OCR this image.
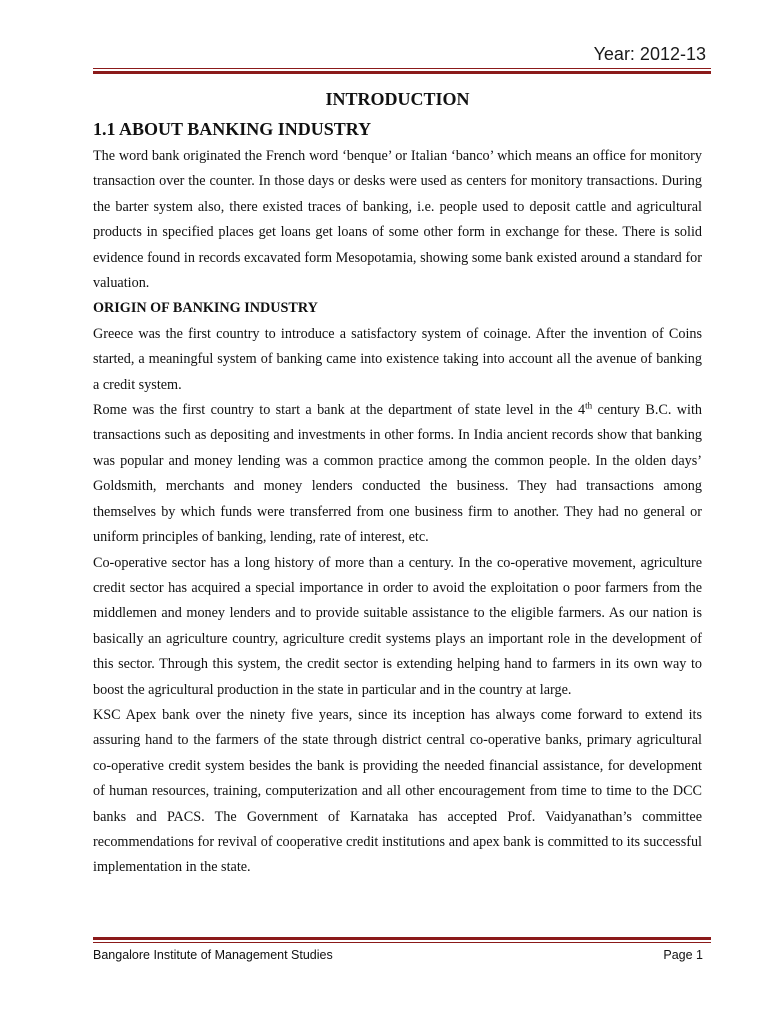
Year: 2012-13
INTRODUCTION
1.1 ABOUT BANKING INDUSTRY

The word bank originated the French word ‘benque’ or Italian ‘banco’ which means an office for monitory transaction over the counter. In those days or desks were used as centers for monitory transactions. During the barter system also, there existed traces of banking, i.e. people used to deposit cattle and agricultural products in specified places get loans get loans of some other form in exchange for these. There is solid evidence found in records excavated form Mesopotamia, showing some bank existed around a standard for valuation.

ORIGIN OF BANKING INDUSTRY

Greece was the first country to introduce a satisfactory system of coinage. After the invention of Coins started, a meaningful system of banking came into existence taking into account all the avenue of banking a credit system.

Rome was the first country to start a bank at the department of state level in the 4th century B.C. with transactions such as depositing and investments in other forms. In India ancient records show that banking was popular and money lending was a common practice among the common people. In the olden days’ Goldsmith, merchants and money lenders conducted the business. They had transactions among themselves by which funds were transferred from one business firm to another. They had no general or uniform principles of banking, lending, rate of interest, etc.

Co-operative sector has a long history of more than a century. In the co-operative movement, agriculture credit sector has acquired a special importance in order to avoid the exploitation o poor farmers from the middlemen and money lenders and to provide suitable assistance to the eligible farmers. As our nation is basically an agriculture country, agriculture credit systems plays an important role in the development of this sector. Through this system, the credit sector is extending helping hand to farmers in its own way to boost the agricultural production in the state in particular and in the country at large.

KSC Apex bank over the ninety five years, since its inception has always come forward to extend its assuring hand to the farmers of the state through district central co-operative banks, primary agricultural co-operative credit system besides the bank is providing the needed financial assistance, for development of human resources, training, computerization and all other encouragement from time to time to the DCC banks and PACS. The Government of Karnataka has accepted Prof. Vaidyanathan’s committee recommendations for revival of cooperative credit institutions and apex bank is committed to its successful implementation in the state.

Bangalore Institute of Management Studies	Page 1
